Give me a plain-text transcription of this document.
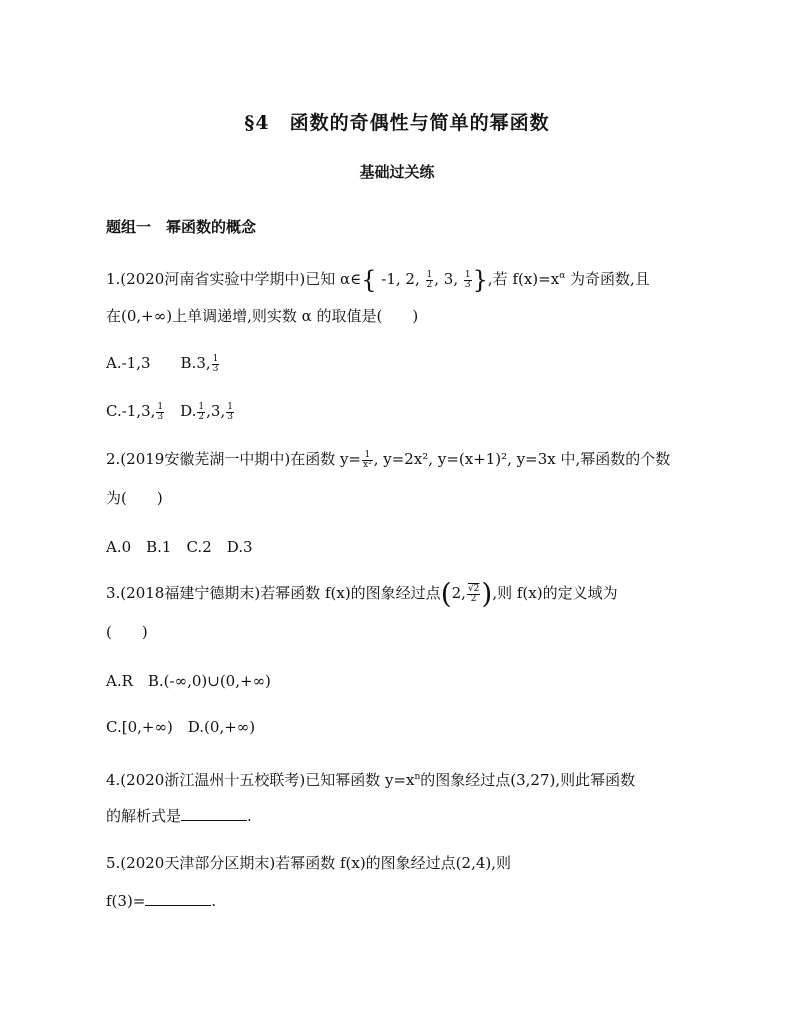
§4　函数的奇偶性与简单的幂函数
基础过关练
题组一　幂函数的概念
1.(2020河南省实验中学期中)已知 α∈{ -1, 2, $\frac{1}{2}$ , 3, $\frac{1}{3}$ },若 $f(x)=x^\alpha$ 为奇函数,且
在(0,+∞)上单调递增,则实数 α 的取值是(　　)
A.-1,3　　B.3, $\frac{1}{3}$
C.-1,3, $\frac{1}{3}$ 　D. $\frac{1}{2} ,3$, $\frac{1}{3}$
2.(2019安徽芜湖一中期中)在函数 $y= \frac{1}{\text{x²}}$ , y=2x², y=(x+1)², y=3x 中,幂函数的个数
为(　　)
A.0　B.1　C.2　D.3
3.(2018福建宁德期末)若幂函数 f(x)的图象经过点(2, $\frac{√2}{2}$ ),则 f(x)的定义域为
(　　)
A.R　B.(-∞,0)∪(0,+∞)
C.[0,+∞)　D.(0,+∞)
4.(2020浙江温州十五校联考)已知幂函数 $y=x^n$的图象经过点(3,27),则此幂函数
的解析式是	.
5.(2020天津部分区期末)若幂函数 f(x)的图象经过点(2,4),则
f(3)=	.
